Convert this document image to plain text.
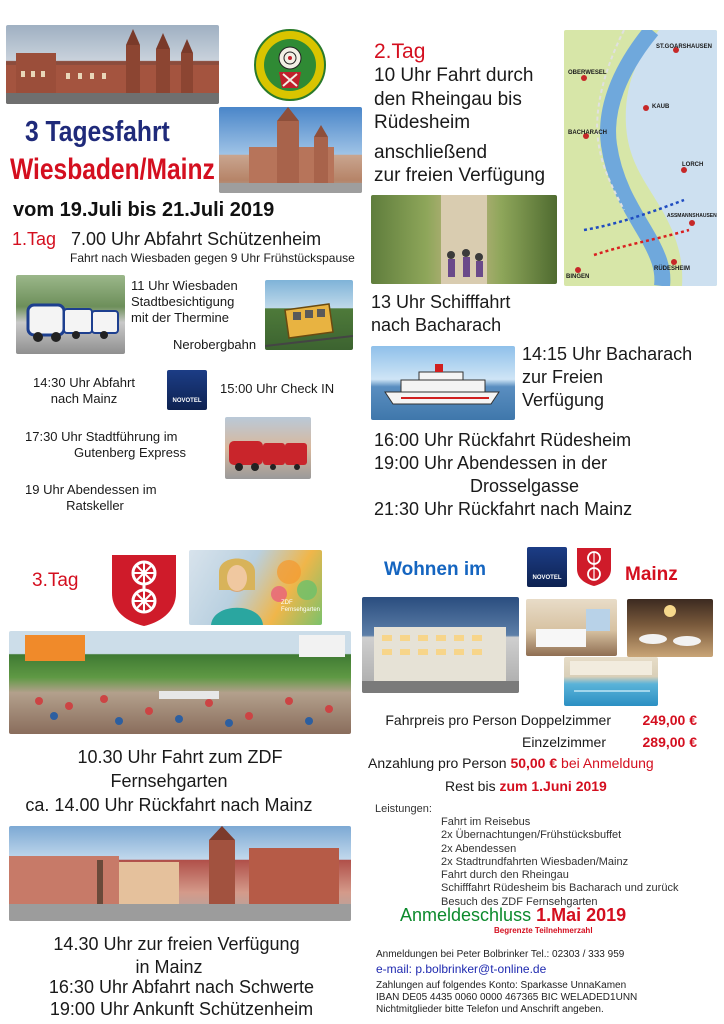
3 Tagesfahrt
Wiesbaden/Mainz
vom 19.Juli bis 21.Juli 2019
1.Tag 7.00 Uhr Abfahrt Schützenheim
Fahrt nach Wiesbaden gegen 9 Uhr Frühstückspause
11 Uhr Wiesbaden
Stadtbesichtigung
mit der Thermine
Nerobergbahn
14:30 Uhr Abfahrt
nach Mainz	NOVOTEL
15:00 Uhr Check IN
17:30 Uhr Stadtführung im
Gutenberg Express
19 Uhr Abendessen im
Ratskeller
2.Tag
10 Uhr Fahrt durch
den Rheingau bis
Rüdesheim
anschließend
zur freien Verfügung
ST.GOARSHAUSEN
OBERWESEL
KAUB
BACHARACH
LORCH
ASSMANNSHAUSEN
RÜDESHEIM
BINGEN
13 Uhr Schifffahrt
nach Bacharach
14:15 Uhr Bacharach
zur Freien
Verfügung
16:00 Uhr Rückfahrt Rüdesheim
19:00 Uhr Abendessen in der
Drosselgasse
21:30 Uhr Rückfahrt nach Mainz
3.Tag
ZDF Fernsehgarten
10.30 Uhr Fahrt zum ZDF
Fernsehgarten
ca. 14.00 Uhr Rückfahrt nach Mainz
14.30 Uhr zur freien Verfügung
in Mainz
16:30 Uhr Abfahrt nach Schwerte
19:00 Uhr Ankunft Schützenheim
Wohnen im	NOVOTEL	Mainz
Fahrpreis pro Person Doppelzimmer	249,00 €
Einzelzimmer	289,00 €
Anzahlung pro Person 50,00 € bei Anmeldung
Rest bis zum 1.Juni 2019
Leistungen:
Fahrt im Reisebus
2x Übernachtungen/Frühstücksbuffet
2x Abendessen
2x Stadtrundfahrten Wiesbaden/Mainz
Fahrt durch den Rheingau
Schifffahrt Rüdesheim bis Bacharach und zurück
Besuch des ZDF Fernsehgarten
Anmeldeschluss 1.Mai 2019
Begrenzte Teilnehmerzahl
Anmeldungen bei Peter Bolbrinker Tel.: 02303 / 333 959
e-mail: p.bolbrinker@t-online.de
Zahlungen auf folgendes Konto: Sparkasse UnnaKamen
IBAN DE05 4435 0060 0000 467365 BIC WELADED1UNN
Nichtmitglieder bitte Telefon und Anschrift angeben.
